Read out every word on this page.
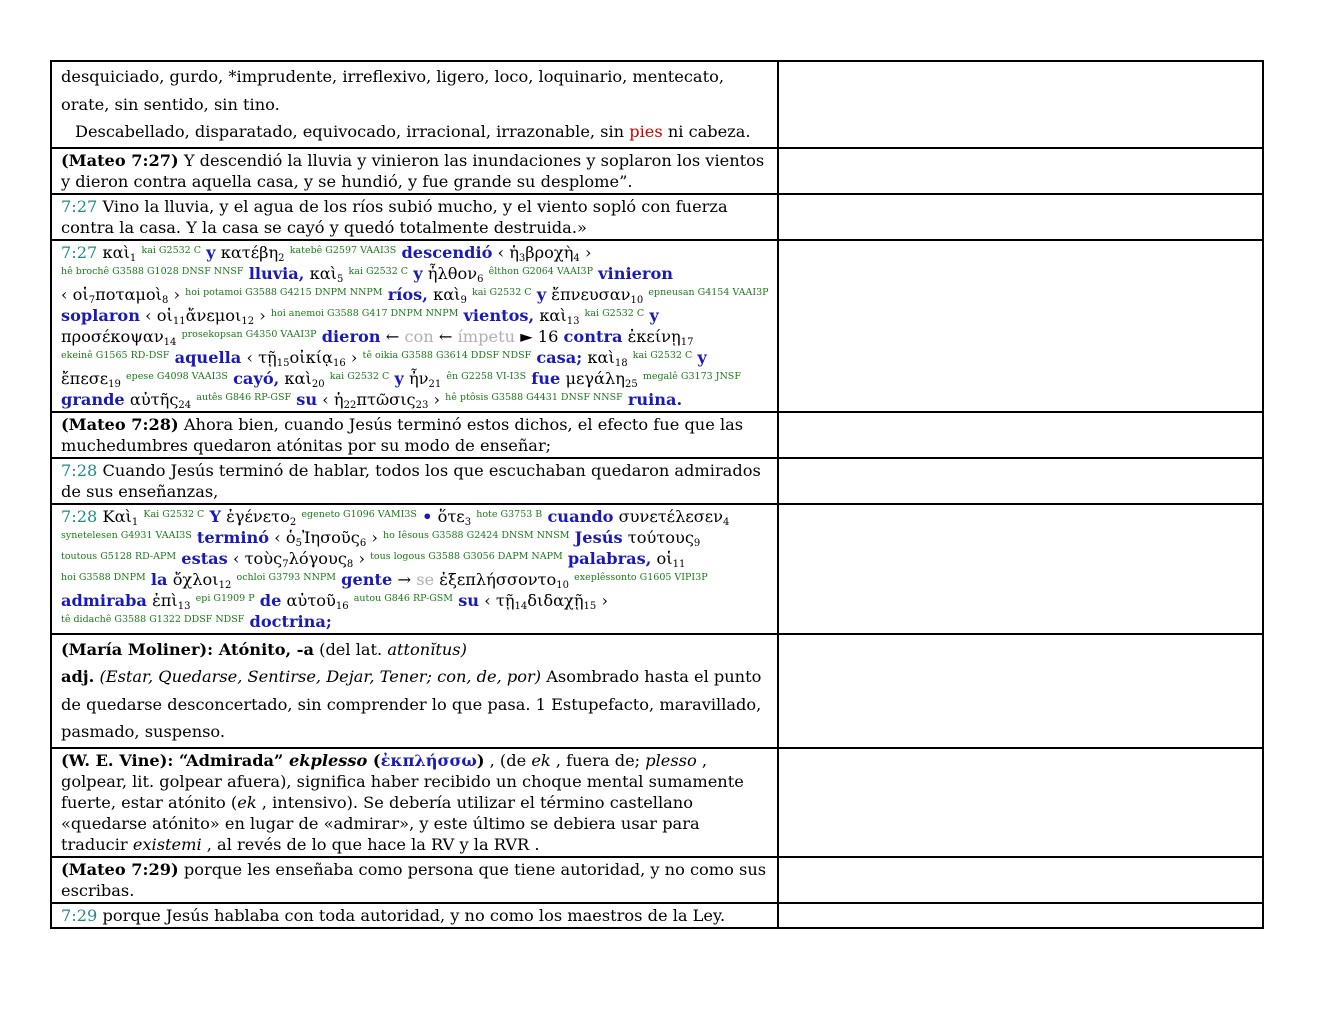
desquiciado, gurdo, *imprudente, irreflexivo, ligero, loco, loquinario, mentecato, orate, sin sentido, sin tino.
Descabellado, disparatado, equivocado, irracional, irrazonable, sin pies ni cabeza.	
(Mateo 7:27) Y descendió la lluvia y vinieron las inundaciones y soplaron los vientos y dieron contra aquella casa, y se hundió, y fue grande su desplome”.	
7:27 Vino la lluvia, y el agua de los ríos subió mucho, y el viento sopló con fuerza contra la casa. Y la casa se cayó y quedó totalmente destruida.»	
7:27 καὶ$_1$ $^{kai G2532 C}$ y κατέβη$_2$ $^{katebê G2597 VAAI3S}$ descendió ‹ ἡ$_3$βροχὴ$_4$ › $^{hê brochê G3588 G1028 DNSF NNSF}$ lluvia, καὶ$_5$ $^{kai G2532 C}$ y ἦλθον$_6$ $^{êlthon G2064 VAAI3P}$ vinieron ‹ οἱ$_7$ποταμοὶ$_8$ › $^{hoi potamoi G3588 G4215 DNPM NNPM}$ ríos, καὶ$_9$ $^{kai G2532 C}$ y ἔπνευσαν$_{10}$ $^{epneusan G4154 VAAI3P}$ soplaron ‹ οἱ$_{11}$ἄνεμοι$_{12}$ › $^{hoi anemoi G3588 G417 DNPM NNPM}$ vientos, καὶ$_{13}$ $^{kai G2532 C}$ y προσέκοψαν$_{14}$ $^{prosekopsan G4350 VAAI3P}$ dieron ← con ← ímpetu ► 16 contra ἐκείνῃ$_{17}$ $^{ekeinê G1565 RD-DSF}$ aquella ‹ τῇ$_{15}$οἰκίᾳ$_{16}$ › $^{tê oikia G3588 G3614 DDSF NDSF}$ casa; καὶ$_{18}$ $^{kai G2532 C}$ y ἔπεσε$_{19}$ $^{epese G4098 VAAI3S}$ cayó, καὶ$_{20}$ $^{kai G2532 C}$ y ἦν$_{21}$ $^{ên G2258 VI-I3S}$ fue μεγάλη$_{25}$ $^{megalê G3173 JNSF}$ grande αὐτῆς$_{24}$ $^{autês G846 RP-GSF}$ su ‹ ἡ$_{22}$πτῶσις$_{23}$ › $^{hê ptôsis G3588 G4431 DNSF NNSF}$ ruina.	
(Mateo 7:28) Ahora bien, cuando Jesús terminó estos dichos, el efecto fue que las muchedumbres quedaron atónitas por su modo de enseñar;	
7:28 Cuando Jesús terminó de hablar, todos los que escuchaban quedaron admirados de sus enseñanzas,	
7:28 Καὶ$_1$ $^{Kai G2532 C}$ Y ἐγένετο$_2$ $^{egeneto G1096 VAMI3S}$ • ὅτε$_3$ $^{hote G3753 B}$ cuando συνετέλεσεν$_4$ $^{synetelesen G4931 VAAI3S}$ terminó ‹ ὁ$_5$Ἰησοῦς$_6$ › $^{ho Iêsous G3588 G2424 DNSM NNSM}$ Jesús τούτους$_9$ $^{toutous G5128 RD-APM}$ estas ‹ τοὺς$_7$λόγους$_8$ › $^{tous logous G3588 G3056 DAPM NAPM}$ palabras, οἱ$_{11}$ $^{hoi G3588 DNPM}$ la ὄχλοι$_{12}$ $^{ochloi G3793 NNPM}$ gente → se ἐξεπλήσσοντο$_{10}$ $^{exeplêssonto G1605 VIPI3P}$ admiraba ἐπὶ$_{13}$ $^{epi G1909 P}$ de αὐτοῦ$_{16}$ $^{autou G846 RP-GSM}$ su ‹ τῇ$_{14}$διδαχῇ$_{15}$ › $^{tê didachê G3588 G1322 DDSF NDSF}$ doctrina;	
(María Moliner): Atónito, -a (del lat. attonĭtus)
adj. (Estar, Quedarse, Sentirse, Dejar, Tener; con, de, por) Asombrado hasta el punto de quedarse desconcertado, sin comprender lo que pasa. 1 Estupefacto, maravillado, pasmado, suspenso.	
(W. E. Vine): “Admirada” ekplesso (ἐκπλήσσω) , (de ek , fuera de; plesso , golpear, lit. golpear afuera), significa haber recibido un choque mental sumamente fuerte, estar atónito (ek , intensivo). Se debería utilizar el término castellano «quedarse atónito» en lugar de «admirar», y este último se debiera usar para traducir existemi , al revés de lo que hace la RV y la RVR .	
(Mateo 7:29) porque les enseñaba como persona que tiene autoridad, y no como sus escribas.	
7:29 porque Jesús hablaba con toda autoridad, y no como los maestros de la Ley.	
